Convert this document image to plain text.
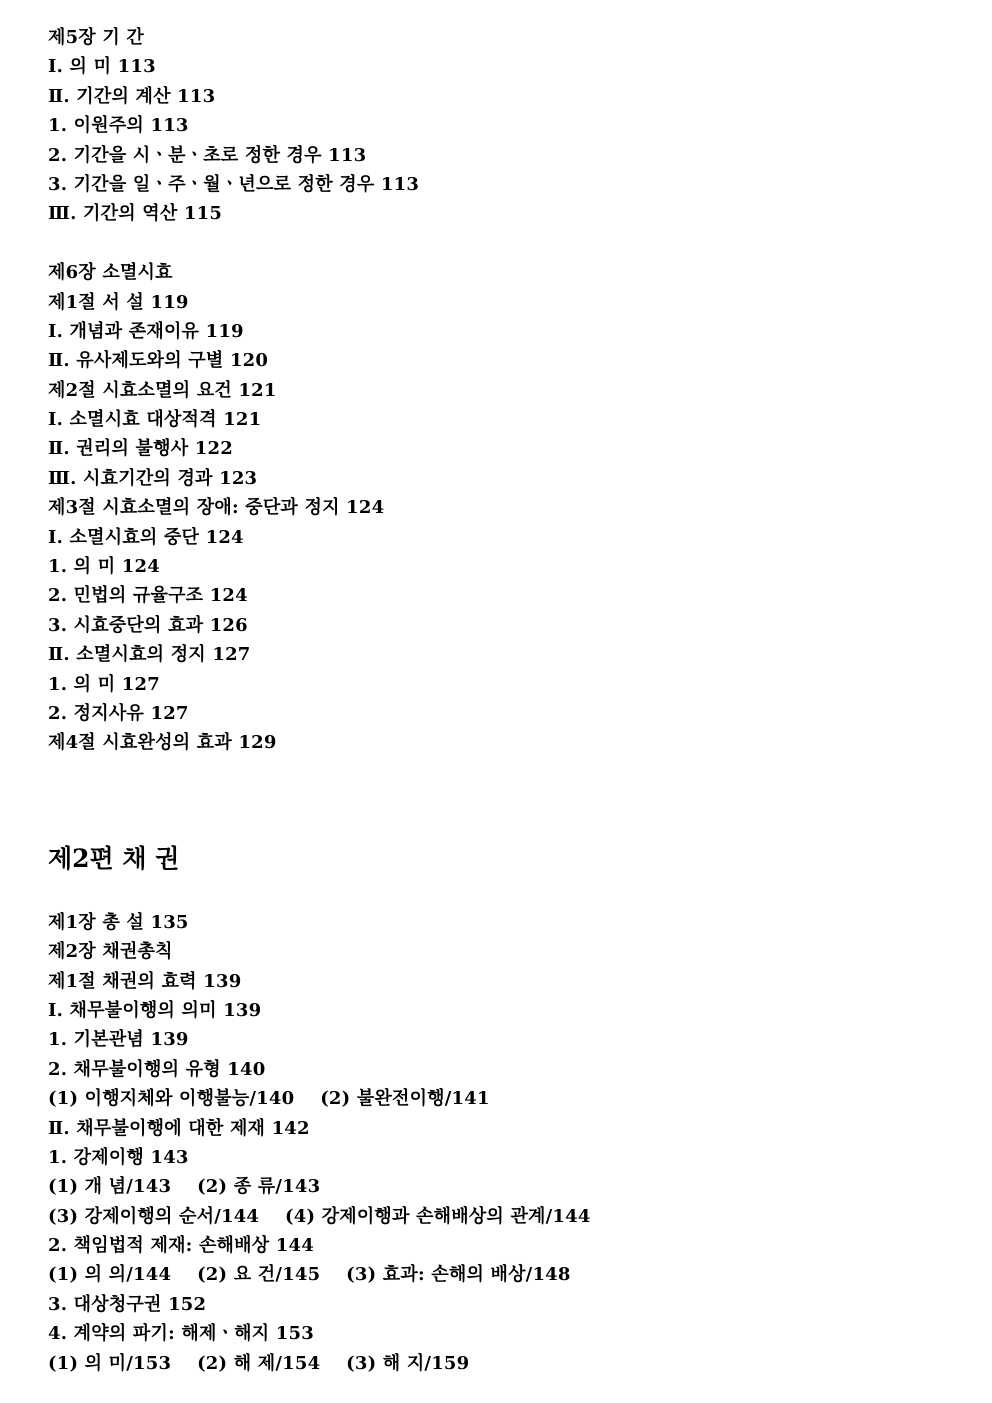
제5장 기 간
Ⅰ. 의 미 113
Ⅱ. 기간의 계산 113
1. 이원주의 113
2. 기간을 시ㆍ분ㆍ초로 정한 경우 113
3. 기간을 일ㆍ주ㆍ월ㆍ년으로 정한 경우 113
Ⅲ. 기간의 역산 115
제6장 소멸시효
제1절 서 설 119
Ⅰ. 개념과 존재이유 119
Ⅱ. 유사제도와의 구별 120
제2절 시효소멸의 요건 121
Ⅰ. 소멸시효 대상적격 121
Ⅱ. 권리의 불행사 122
Ⅲ. 시효기간의 경과 123
제3절 시효소멸의 장애: 중단과 정지 124
Ⅰ. 소멸시효의 중단 124
1. 의 미 124
2. 민법의 규율구조 124
3. 시효중단의 효과 126
Ⅱ. 소멸시효의 정지 127
1. 의 미 127
2. 정지사유 127
제4절 시효완성의 효과 129
제2편 채 권
제1장 총 설 135
제2장 채권총칙
제1절 채권의 효력 139
Ⅰ. 채무불이행의 의미 139
1. 기본관념 139
2. 채무불이행의 유형 140
(1) 이행지체와 이행불능/140    (2) 불완전이행/141
Ⅱ. 채무불이행에 대한 제재 142
1. 강제이행 143
(1) 개 념/143    (2) 종 류/143
(3) 강제이행의 순서/144    (4) 강제이행과 손해배상의 관계/144
2. 책임법적 제재: 손해배상 144
(1) 의 의/144    (2) 요 건/145    (3) 효과: 손해의 배상/148
3. 대상청구권 152
4. 계약의 파기: 해제ㆍ해지 153
(1) 의 미/153    (2) 해 제/154    (3) 해 지/159
